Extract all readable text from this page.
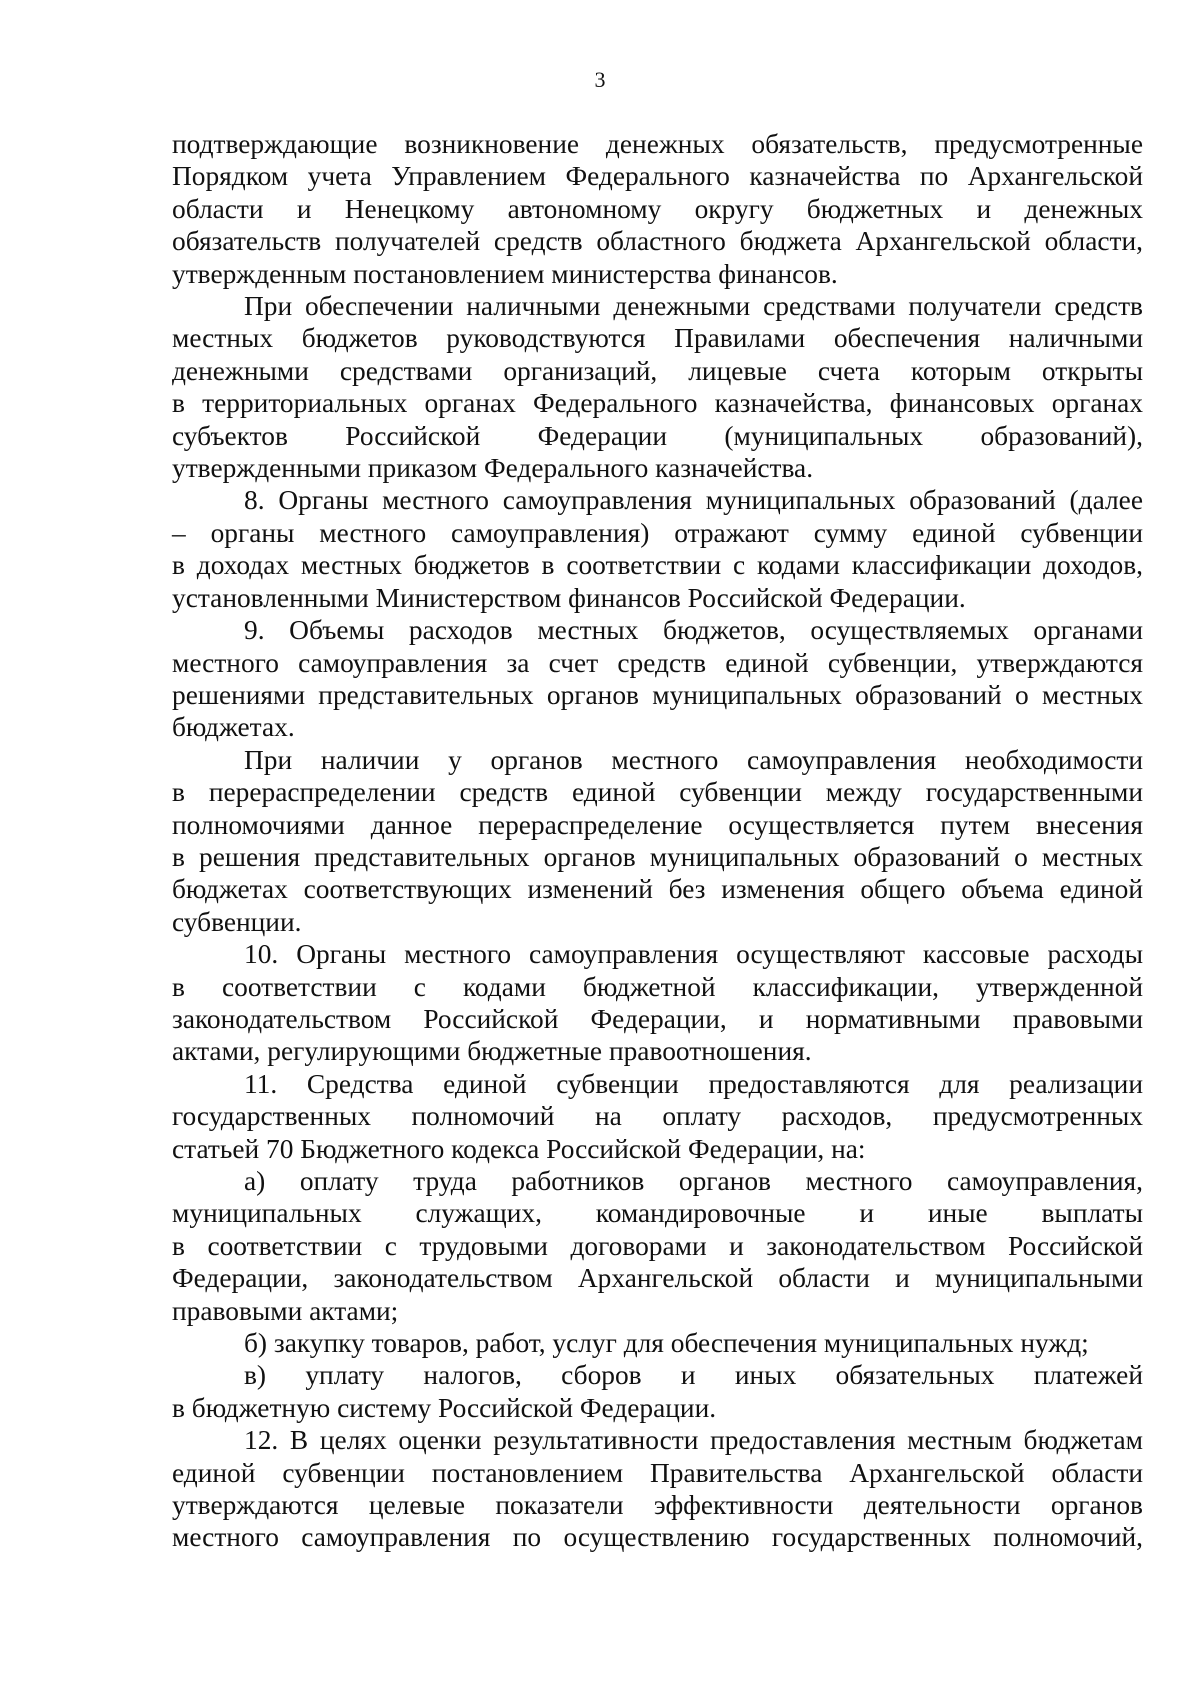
3
подтверждающие возникновение денежных обязательств, предусмотренные
Порядком учета Управлением Федерального казначейства по Архангельской
области и Ненецкому автономному округу бюджетных и денежных
обязательств получателей средств областного бюджета Архангельской области,
утвержденным постановлением министерства финансов.
При обеспечении наличными денежными средствами получатели средств
местных бюджетов руководствуются Правилами обеспечения наличными
денежными средствами организаций, лицевые счета которым открыты
в территориальных органах Федерального казначейства, финансовых органах
субъектов Российской Федерации (муниципальных образований),
утвержденными приказом Федерального казначейства.
8. Органы местного самоуправления муниципальных образований (далее
– органы местного самоуправления) отражают сумму единой субвенции
в доходах местных бюджетов в соответствии с кодами классификации доходов,
установленными Министерством финансов Российской Федерации.
9. Объемы расходов местных бюджетов, осуществляемых органами
местного самоуправления за счет средств единой субвенции, утверждаются
решениями представительных органов муниципальных образований о местных
бюджетах.
При наличии у органов местного самоуправления необходимости
в перераспределении средств единой субвенции между государственными
полномочиями данное перераспределение осуществляется путем внесения
в решения представительных органов муниципальных образований о местных
бюджетах соответствующих изменений без изменения общего объема единой
субвенции.
10. Органы местного самоуправления осуществляют кассовые расходы
в соответствии с кодами бюджетной классификации, утвержденной
законодательством Российской Федерации, и нормативными правовыми
актами, регулирующими бюджетные правоотношения.
11. Средства единой субвенции предоставляются для реализации
государственных полномочий на оплату расходов, предусмотренных
статьей 70 Бюджетного кодекса Российской Федерации, на:
а) оплату труда работников органов местного самоуправления,
муниципальных служащих, командировочные и иные выплаты
в соответствии с трудовыми договорами и законодательством Российской
Федерации, законодательством Архангельской области и муниципальными
правовыми актами;
б) закупку товаров, работ, услуг для обеспечения муниципальных нужд;
в) уплату налогов, сборов и иных обязательных платежей
в бюджетную систему Российской Федерации.
12. В целях оценки результативности предоставления местным бюджетам
единой субвенции постановлением Правительства Архангельской области
утверждаются целевые показатели эффективности деятельности органов
местного самоуправления по осуществлению государственных полномочий,
